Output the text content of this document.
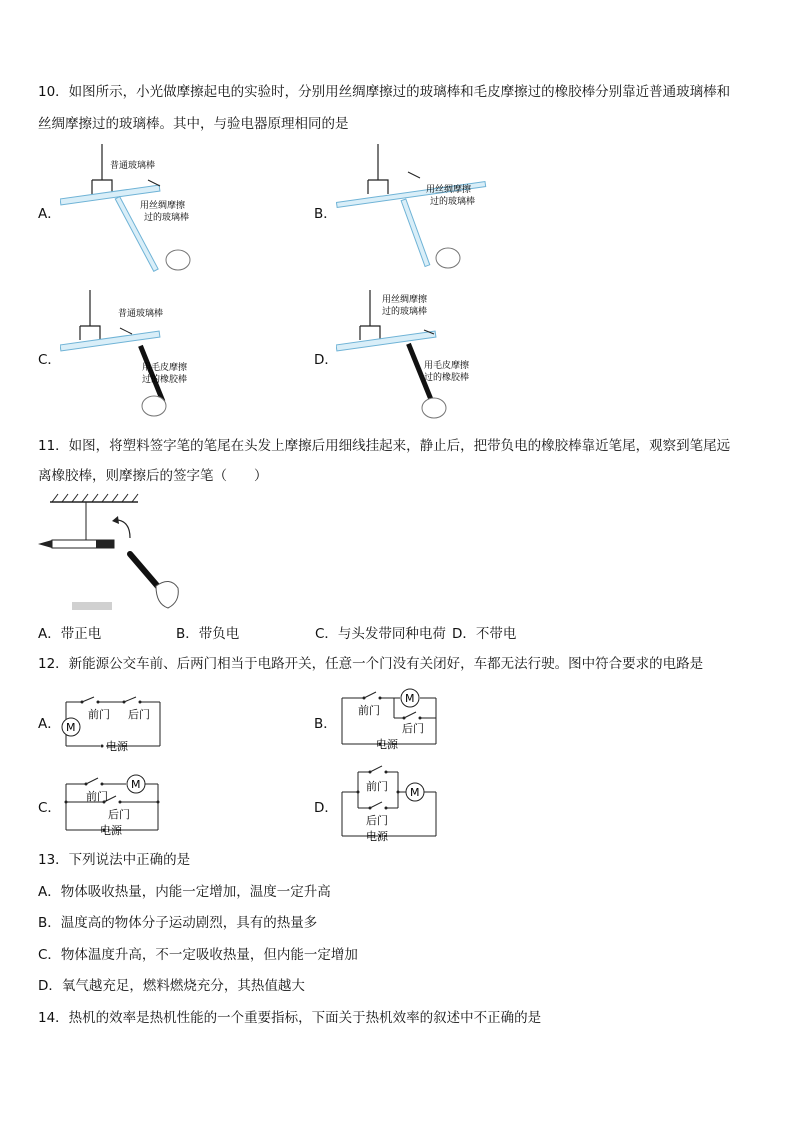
10．如图所示，小光做摩擦起电的实验时，分别用丝绸摩擦过的玻璃棒和毛皮摩擦过的橡胶棒分别靠近普通玻璃棒和
丝绸摩擦过的玻璃棒。其中，与验电器原理相同的是
A．
普通玻璃棒
用丝绸摩擦
过的玻璃棒	B．
用丝绸摩擦
过的玻璃棒
C．
普通玻璃棒
用毛皮摩擦
过的橡胶棒
D．
用丝绸摩擦
过的玻璃棒
用毛皮摩擦
过的橡胶棒
11．如图，将塑料签字笔的笔尾在头发上摩擦后用细线挂起来，静止后，把带负电的橡胶棒靠近笔尾，观察到笔尾远
离橡胶棒，则摩擦后的签字笔（　　）
A．带正电	B．带负电	C．与头发带同种电荷 D．不带电
12．新能源公交车前、后两门相当于电路开关，任意一个门没有关闭好，车都无法行驶。图中符合要求的电路是
A． M
前门 后门
电源
B．
M
前门
后门
电源
C．
M
前门
后门
电源
D．
M
前门
后门
电源
13．下列说法中正确的是
A．物体吸收热量，内能一定增加，温度一定升高
B．温度高的物体分子运动剧烈，具有的热量多
C．物体温度升高，不一定吸收热量，但内能一定增加
D．氧气越充足，燃料燃烧充分，其热值越大
14．热机的效率是热机性能的一个重要指标，下面关于热机效率的叙述中不正确的是
